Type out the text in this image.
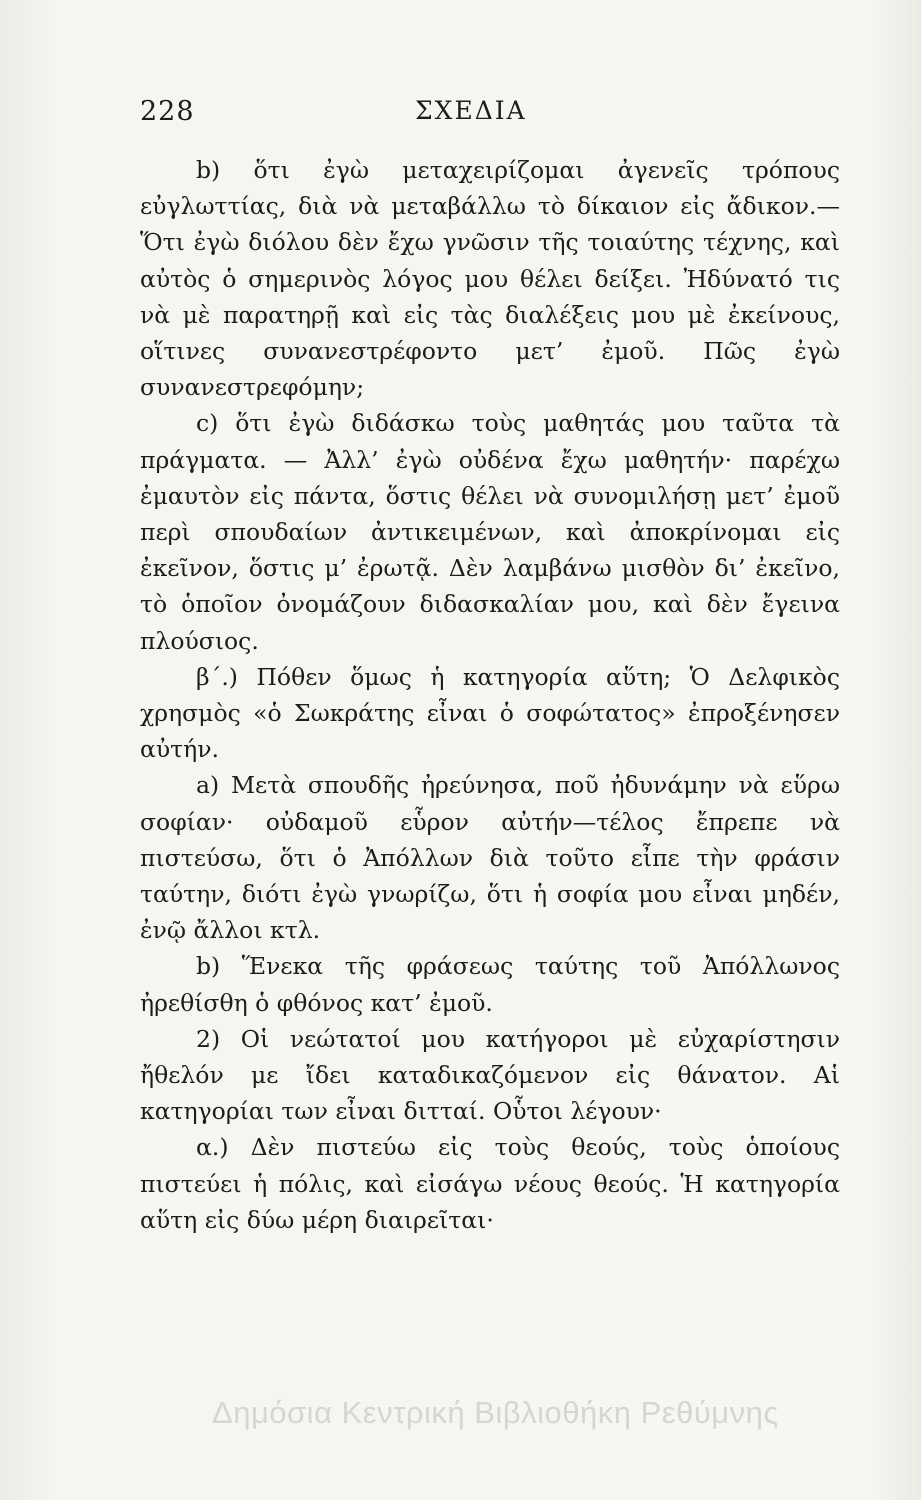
228	ΣΧΕΔΙΑ

b) ὅτι ἐγὼ μεταχειρίζομαι ἀγενεῖς τρόπους εὐγλωττίας, διὰ νὰ μεταβάλλω τὸ δίκαιον εἰς ἄδικον.— Ὅτι ἐγὼ διόλου δὲν ἔχω γνῶσιν τῆς τοιαύτης τέχνης, καὶ αὐτὸς ὁ σημερινὸς λόγος μου θέλει δείξει. Ἠδύνατό τις νὰ μὲ παρατηρῇ καὶ εἰς τὰς διαλέξεις μου μὲ ἐκείνους, οἵτινες συνανεστρέφοντο μετ’ ἐμοῦ. Πῶς ἐγὼ συνανεστρεφόμην;

c) ὅτι ἐγὼ διδάσκω τοὺς μαθητάς μου ταῦτα τὰ πράγματα. — Ἀλλ’ ἐγὼ οὐδένα ἔχω μαθητήν· παρέχω ἐμαυτὸν εἰς πάντα, ὅστις θέλει νὰ συνομιλήσῃ μετ’ ἐμοῦ περὶ σπουδαίων ἀντικειμένων, καὶ ἀποκρίνομαι εἰς ἐκεῖνον, ὅστις μ’ ἐρωτᾷ. Δὲν λαμβάνω μισθὸν δι’ ἐκεῖνο, τὸ ὁποῖον ὀνομάζουν διδασκαλίαν μου, καὶ δὲν ἔγεινα πλούσιος.

β΄.) Πόθεν ὅμως ἡ κατηγορία αὕτη; Ὁ Δελφικὸς χρησμὸς «ὁ Σωκράτης εἶναι ὁ σοφώτατος» ἐπροξένησεν αὐτήν.

a) Μετὰ σπουδῆς ἠρεύνησα, ποῦ ἠδυνάμην νὰ εὕρω σοφίαν· οὐδαμοῦ εὗρον αὐτήν—τέλος ἔπρεπε νὰ πιστεύσω, ὅτι ὁ Ἀπόλλων διὰ τοῦτο εἶπε τὴν φράσιν ταύτην, διότι ἐγὼ γνωρίζω, ὅτι ἡ σοφία μου εἶναι μηδέν, ἐνῷ ἄλλοι κτλ.

b) Ἕνεκα τῆς φράσεως ταύτης τοῦ Ἀπόλλωνος ἠρεθίσθη ὁ φθόνος κατ’ ἐμοῦ.

2) Οἱ νεώτατοί μου κατήγοροι μὲ εὐχαρίστησιν ἤθελόν με ἴδει καταδικαζόμενον εἰς θάνατον. Αἱ κατηγορίαι των εἶναι διτταί. Οὗτοι λέγουν·

α.) Δὲν πιστεύω εἰς τοὺς θεούς, τοὺς ὁποίους πιστεύει ἡ πόλις, καὶ εἰσάγω νέους θεούς. Ἡ κατηγορία αὕτη εἰς δύω μέρη διαιρεῖται·

Δημόσια Κεντρική Βιβλιοθήκη Ρεθύμνης
